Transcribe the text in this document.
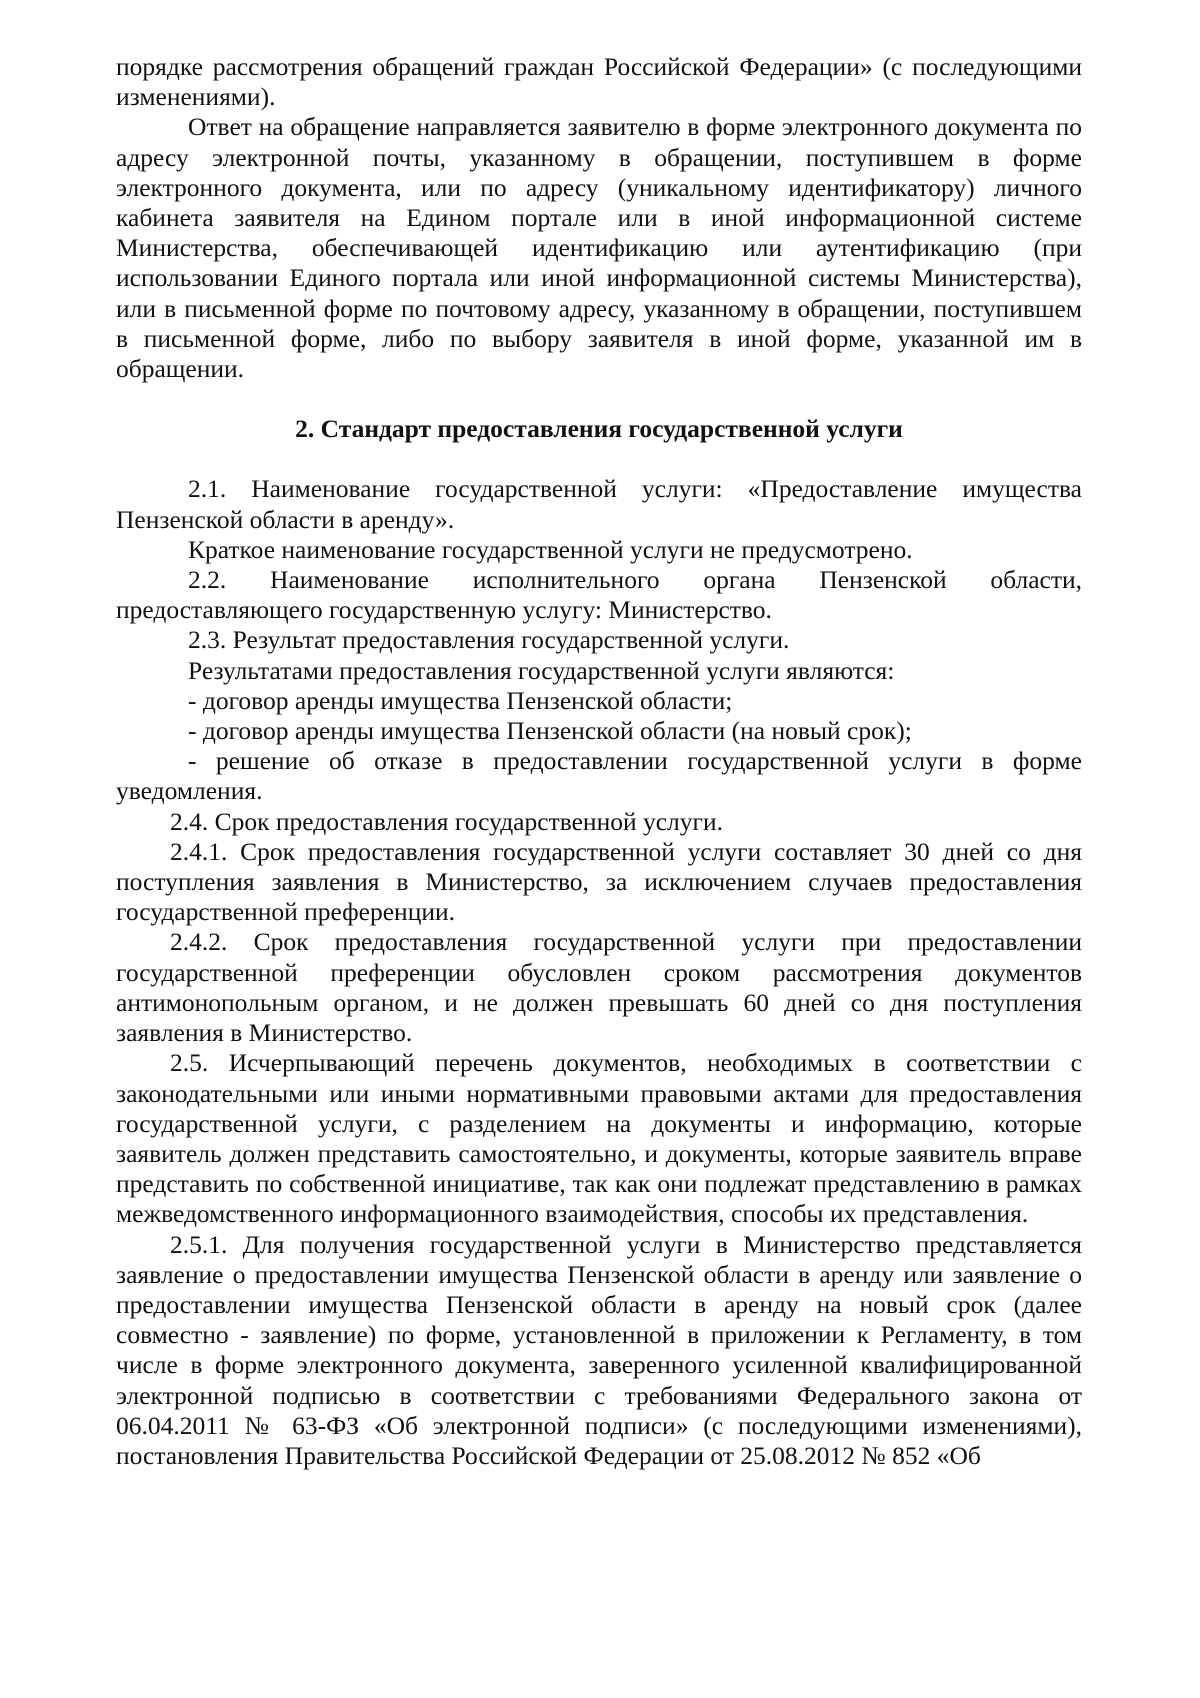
порядке рассмотрения обращений граждан Российской Федерации» (с последующими изменениями).

Ответ на обращение направляется заявителю в форме электронного документа по адресу электронной почты, указанному в обращении, поступившем в форме электронного документа, или по адресу (уникальному идентификатору) личного кабинета заявителя на Едином портале или в иной информационной системе Министерства, обеспечивающей идентификацию или аутентификацию (при использовании Единого портала или иной информационной системы Министерства), или в письменной форме по почтовому адресу, указанному в обращении, поступившем в письменной форме, либо по выбору заявителя в иной форме, указанной им в обращении.

2. Стандарт предоставления государственной услуги

2.1. Наименование государственной услуги: «Предоставление имущества Пензенской области в аренду».

Краткое наименование государственной услуги не предусмотрено.

2.2. Наименование исполнительного органа Пензенской области, предоставляющего государственную услугу: Министерство.

2.3. Результат предоставления государственной услуги.

Результатами предоставления государственной услуги являются:

- договор аренды имущества Пензенской области;

- договор аренды имущества Пензенской области (на новый срок);

- решение об отказе в предоставлении государственной услуги в форме уведомления.

2.4. Срок предоставления государственной услуги.

2.4.1. Срок предоставления государственной услуги составляет 30 дней со дня поступления заявления в Министерство, за исключением случаев предоставления государственной преференции.

2.4.2. Срок предоставления государственной услуги при предоставлении государственной преференции обусловлен сроком рассмотрения документов антимонопольным органом, и не должен превышать 60 дней со дня поступления заявления в Министерство.

2.5. Исчерпывающий перечень документов, необходимых в соответствии с законодательными или иными нормативными правовыми актами для предоставления государственной услуги, с разделением на документы и информацию, которые заявитель должен представить самостоятельно, и документы, которые заявитель вправе представить по собственной инициативе, так как они подлежат представлению в рамках межведомственного информационного взаимодействия, способы их представления.

2.5.1. Для получения государственной услуги в Министерство представляется заявление о предоставлении имущества Пензенской области в аренду или заявление о предоставлении имущества Пензенской области в аренду на новый срок (далее совместно - заявление) по форме, установленной в приложении к Регламенту, в том числе в форме электронного документа, заверенного усиленной квалифицированной электронной подписью в соответствии с требованиями Федерального закона от 06.04.2011 № 63-ФЗ «Об электронной подписи» (с последующими изменениями), постановления Правительства Российской Федерации от 25.08.2012 № 852 «Об
